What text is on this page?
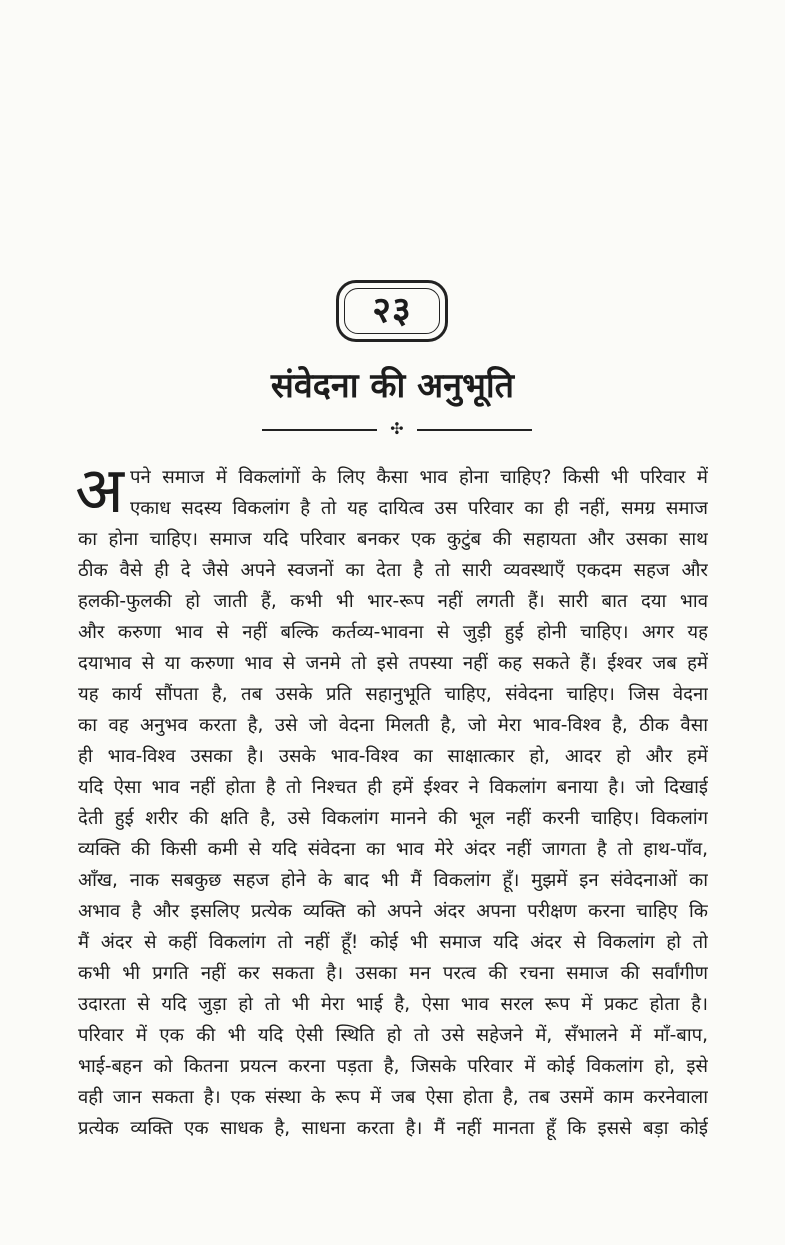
२३
संवेदना की अनुभूति
✣
अ पने समाज में विकलांगों के लिए कैसा भाव होना चाहिए? किसी भी परिवार में
एकाध सदस्य विकलांग है तो यह दायित्व उस परिवार का ही नहीं, समग्र समाज
का होना चाहिए। समाज यदि परिवार बनकर एक कुटुंब की सहायता और उसका साथ
ठीक वैसे ही दे जैसे अपने स्वजनों का देता है तो सारी व्यवस्थाएँ एकदम सहज और
हलकी-फुलकी हो जाती हैं, कभी भी भार-रूप नहीं लगती हैं। सारी बात दया भाव
और करुणा भाव से नहीं बल्कि कर्तव्य-भावना से जुड़ी हुई होनी चाहिए। अगर यह
दयाभाव से या करुणा भाव से जनमे तो इसे तपस्या नहीं कह सकते हैं। ईश्वर जब हमें
यह कार्य सौंपता है, तब उसके प्रति सहानुभूति चाहिए, संवेदना चाहिए। जिस वेदना
का वह अनुभव करता है, उसे जो वेदना मिलती है, जो मेरा भाव-विश्व है, ठीक वैसा
ही भाव-विश्व उसका है। उसके भाव-विश्व का साक्षात्कार हो, आदर हो और हमें
यदि ऐसा भाव नहीं होता है तो निश्चत ही हमें ईश्वर ने विकलांग बनाया है। जो दिखाई
देती हुई शरीर की क्षति है, उसे विकलांग मानने की भूल नहीं करनी चाहिए। विकलांग
व्यक्ति की किसी कमी से यदि संवेदना का भाव मेरे अंदर नहीं जागता है तो हाथ-पाँव,
आँख, नाक सबकुछ सहज होने के बाद भी मैं विकलांग हूँ। मुझमें इन संवेदनाओं का
अभाव है और इसलिए प्रत्येक व्यक्ति को अपने अंदर अपना परीक्षण करना चाहिए कि
मैं अंदर से कहीं विकलांग तो नहीं हूँ! कोई भी समाज यदि अंदर से विकलांग हो तो
कभी भी प्रगति नहीं कर सकता है। उसका मन परत्व की रचना समाज की सर्वांगीण
उदारता से यदि जुड़ा हो तो भी मेरा भाई है, ऐसा भाव सरल रूप में प्रकट होता है।
परिवार में एक की भी यदि ऐसी स्थिति हो तो उसे सहेजने में, सँभालने में माँ-बाप,
भाई-बहन को कितना प्रयत्न करना पड़ता है, जिसके परिवार में कोई विकलांग हो, इसे
वही जान सकता है। एक संस्था के रूप में जब ऐसा होता है, तब उसमें काम करनेवाला
प्रत्येक व्यक्ति एक साधक है, साधना करता है। मैं नहीं मानता हूँ कि इससे बड़ा कोई
